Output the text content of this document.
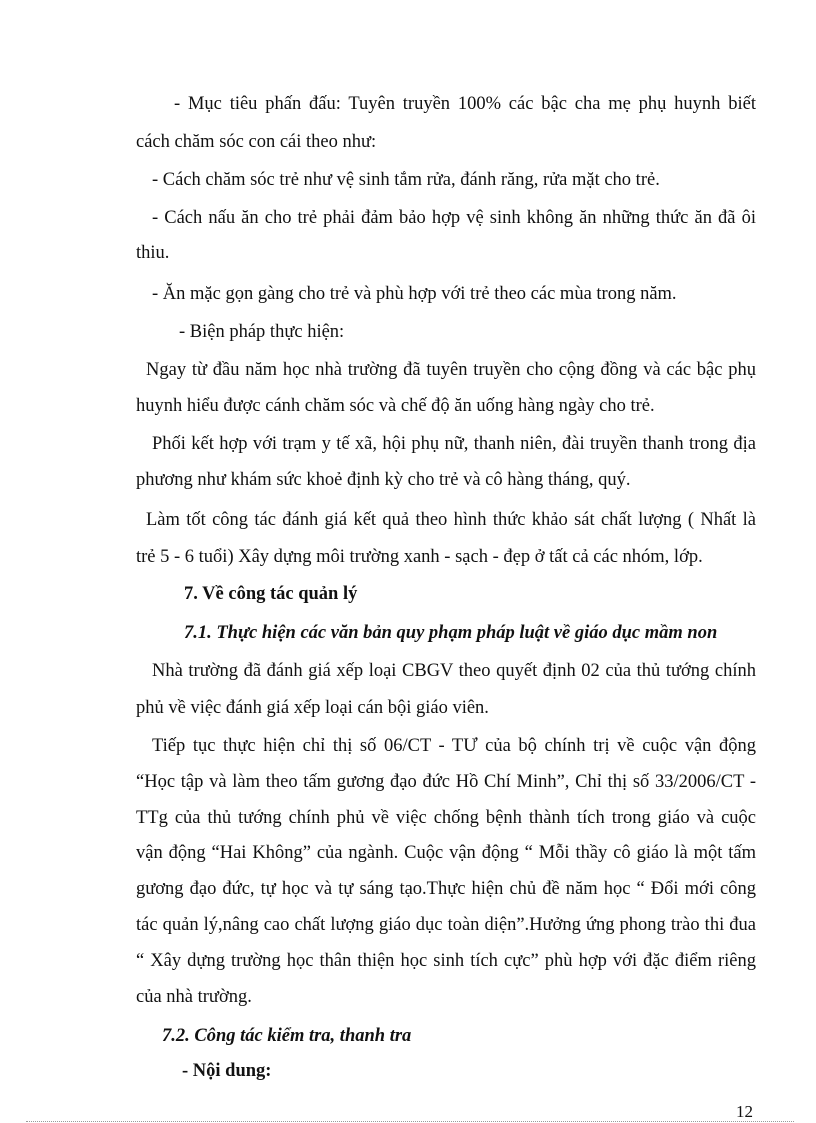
- Mục tiêu phấn đấu: Tuyên truyền 100% các bậc cha mẹ phụ huynh biết
cách chăm sóc con cái theo như:
- Cách chăm sóc trẻ như vệ sinh tắm rửa, đánh răng, rửa mặt cho trẻ.
- Cách nấu ăn cho trẻ phải đảm bảo hợp vệ sinh không ăn những thức ăn đã ôi
thiu.
- Ăn mặc gọn gàng cho trẻ và phù hợp với trẻ theo các mùa trong năm.
- Biện pháp thực hiện:
Ngay từ đầu năm học nhà trường đã tuyên truyền cho cộng đồng và các bậc phụ
huynh hiểu được cánh chăm sóc và chế độ ăn uống hàng ngày cho trẻ.
Phối kết hợp với trạm y tế xã, hội phụ nữ, thanh niên, đài truyền thanh trong địa
phương như khám sức khoẻ định kỳ cho trẻ và cô hàng tháng, quý.
Làm tốt công tác đánh giá kết quả theo hình thức khảo sát chất lượng ( Nhất là
trẻ 5 - 6 tuổi) Xây dựng môi trường xanh - sạch - đẹp ở tất cả các nhóm, lớp.
7. Về công tác quản lý
7.1. Thực hiện các văn bản quy phạm pháp luật về giáo dục mầm non
Nhà trường đã đánh giá xếp loại CBGV theo quyết định 02 của thủ tướng chính
phủ về việc đánh giá xếp loại cán bội giáo viên.
Tiếp tục thực hiện chỉ thị số 06/CT - TƯ của bộ chính trị về cuộc vận động
“Học tập và làm theo tấm gương đạo đức Hồ Chí Minh”, Chỉ thị số 33/2006/CT -
TTg của thủ tướng chính phủ về việc chống bệnh thành tích trong giáo và cuộc
vận động “Hai Không” của ngành. Cuộc vận động “ Mỗi thầy cô giáo là một tấm
gương đạo đức, tự học và tự sáng tạo.Thực hiện chủ đề năm học “ Đổi mới công
tác quản lý,nâng cao chất lượng giáo dục toàn diện”.Hưởng ứng phong trào thi đua
“ Xây dựng trường học thân thiện học sinh tích cực” phù hợp với đặc điểm riêng
của nhà trường.
7.2. Công tác kiểm tra, thanh tra
- Nội dung:
12
